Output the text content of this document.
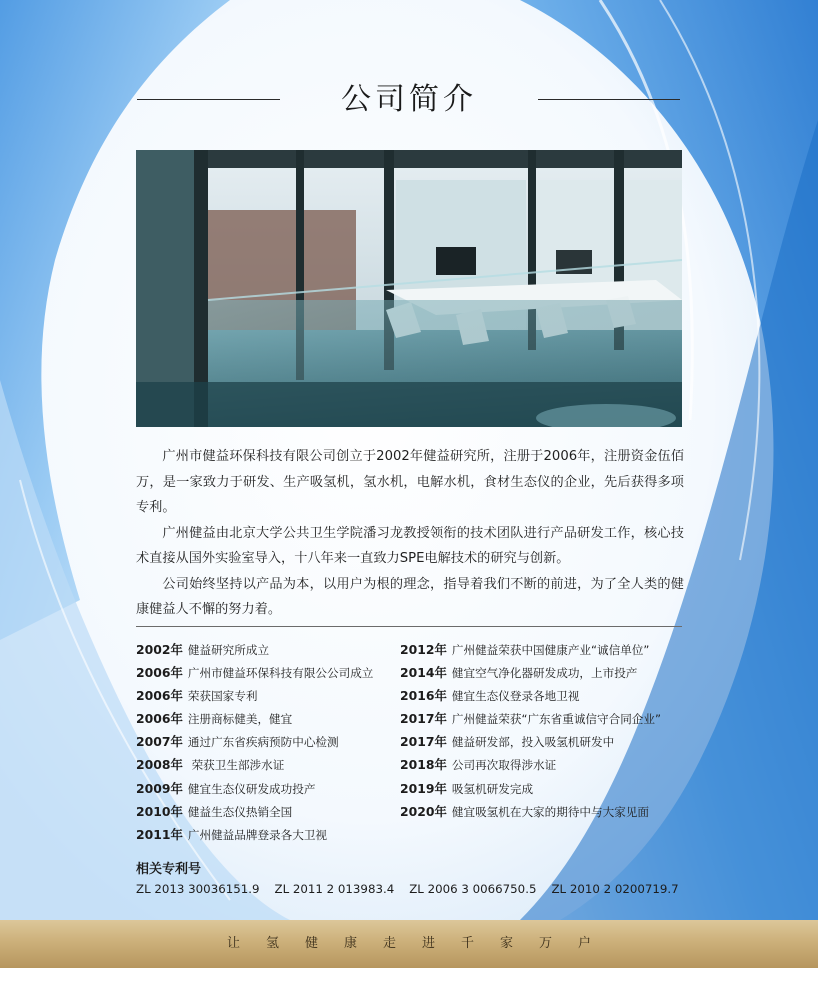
公司简介

广州市健益环保科技有限公司创立于2002年健益研究所，注册于2006年，注册资金伍佰万，是一家致力于研发、生产吸氢机，氢水机，电解水机，食材生态仪的企业，先后获得多项专利。

广州健益由北京大学公共卫生学院潘习龙教授领衔的技术团队进行产品研发工作，核心技术直接从国外实验室导入，十八年来一直致力SPE电解技术的研究与创新。

公司始终坚持以产品为本，以用户为根的理念，指导着我们不断的前进，为了全人类的健康健益人不懈的努力着。

2002年 健益研究所成立
2006年 广州市健益环保科技有限公公司成立
2006年 荣获国家专利
2006年 注册商标健美，健宜
2007年 通过广东省疾病预防中心检测
2008年 荣获卫生部涉水证
2009年 健宜生态仪研发成功投产
2010年 健益生态仪热销全国
2011年 广州健益品牌登录各大卫视
2012年 广州健益荣获中国健康产业“诚信单位”
2014年 健宜空气净化器研发成功，上市投产
2016年 健宜生态仪登录各地卫视
2017年 广州健益荣获“广东省重诚信守合同企业”
2017年 健益研发部，投入吸氢机研发中
2018年 公司再次取得涉水证
2019年 吸氢机研发完成
2020年 健宜吸氢机在大家的期待中与大家见面
相关专利号
ZL 2013 30036151.9 ZL 2011 2 013983.4 ZL 2006 3 0066750.5 ZL 2010 2 0200719.7
让氢健康走进千家万户
